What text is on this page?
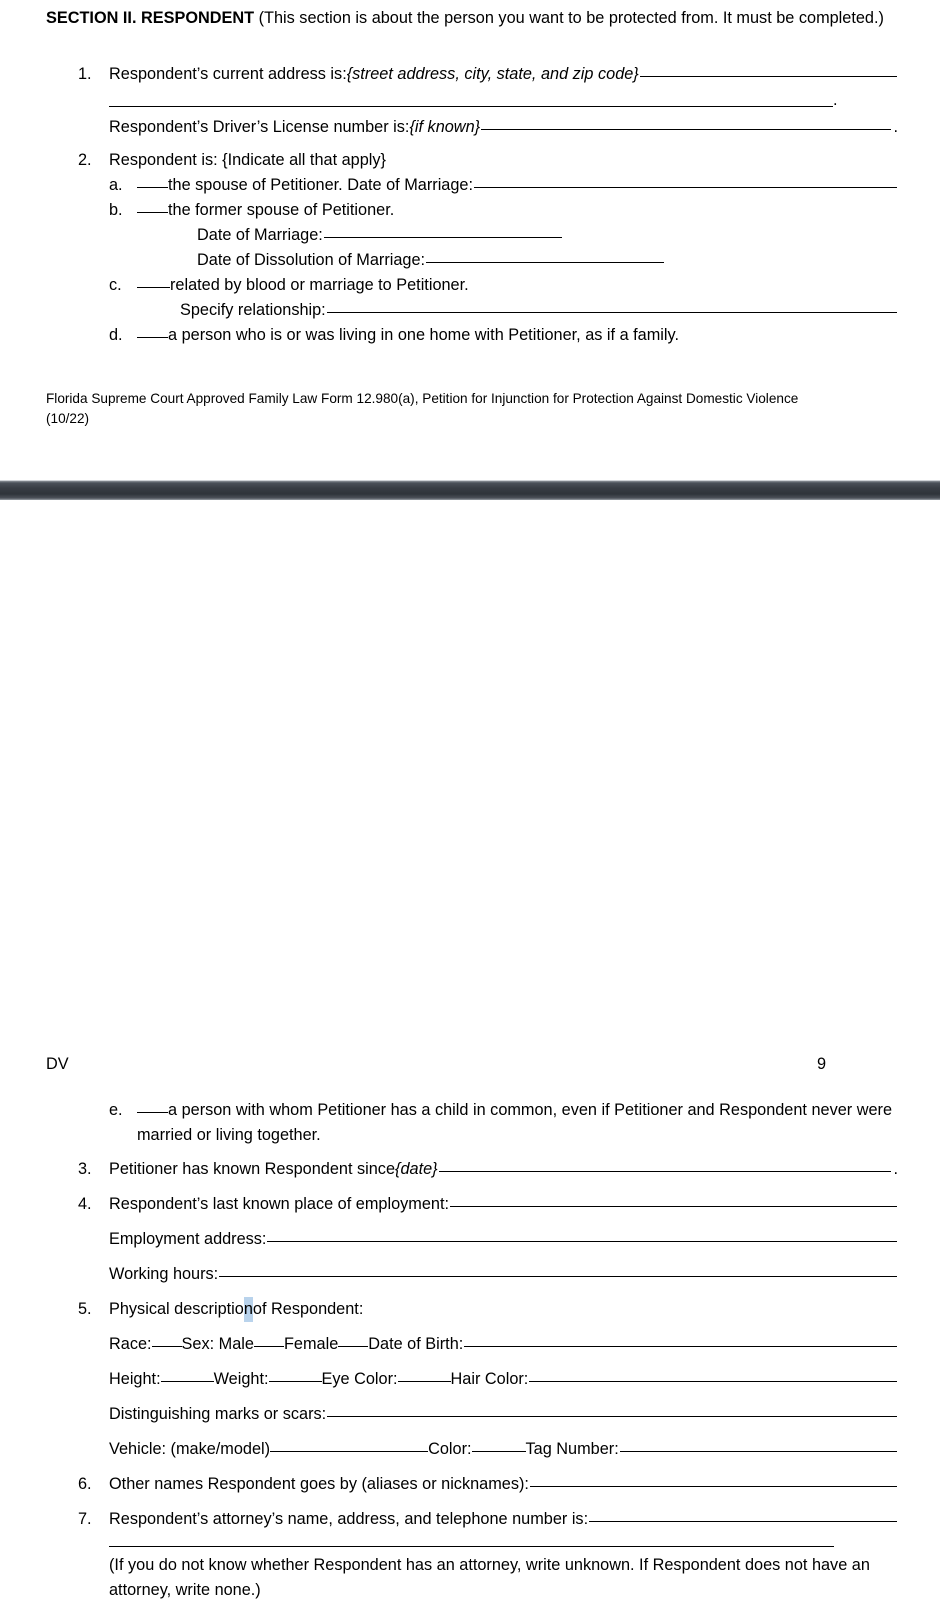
SECTION II. RESPONDENT (This section is about the person you want to be protected from. It must be completed.)
1.	Respondent’s current address is: {street address, city, state, and zip code}
.
Respondent’s Driver’s License number is: {if known}	.
2.	Respondent is: {Indicate all that apply}
a.	the spouse of Petitioner. Date of Marriage:
b.	the former spouse of Petitioner.
Date of Marriage:
Date of Dissolution of Marriage:
c.	related by blood or marriage to Petitioner.
Specify relationship:
d.	a person who is or was living in one home with Petitioner, as if a family.
Florida Supreme Court Approved Family Law Form 12.980(a), Petition for Injunction for Protection Against Domestic Violence (10/22)
DV	9
e.	a person with whom Petitioner has a child in common, even if Petitioner and Respondent never were married or living together.
3.	Petitioner has known Respondent since {date}	.
4.	Respondent’s last known place of employment:
Employment address:
Working hours:
5.	Physical descriptio n of Respondent:
Race: Sex: Male Female Date of Birth:
Height:	Weight:	Eye Color:	Hair Color:
Distinguishing marks or scars:
Vehicle: (make/model)	Color:	Tag Number:
6.	Other names Respondent goes by (aliases or nicknames):
7.	Respondent’s attorney’s name, address, and telephone number is:
(If you do not know whether Respondent has an attorney, write unknown. If Respondent does not have an attorney, write none.)
